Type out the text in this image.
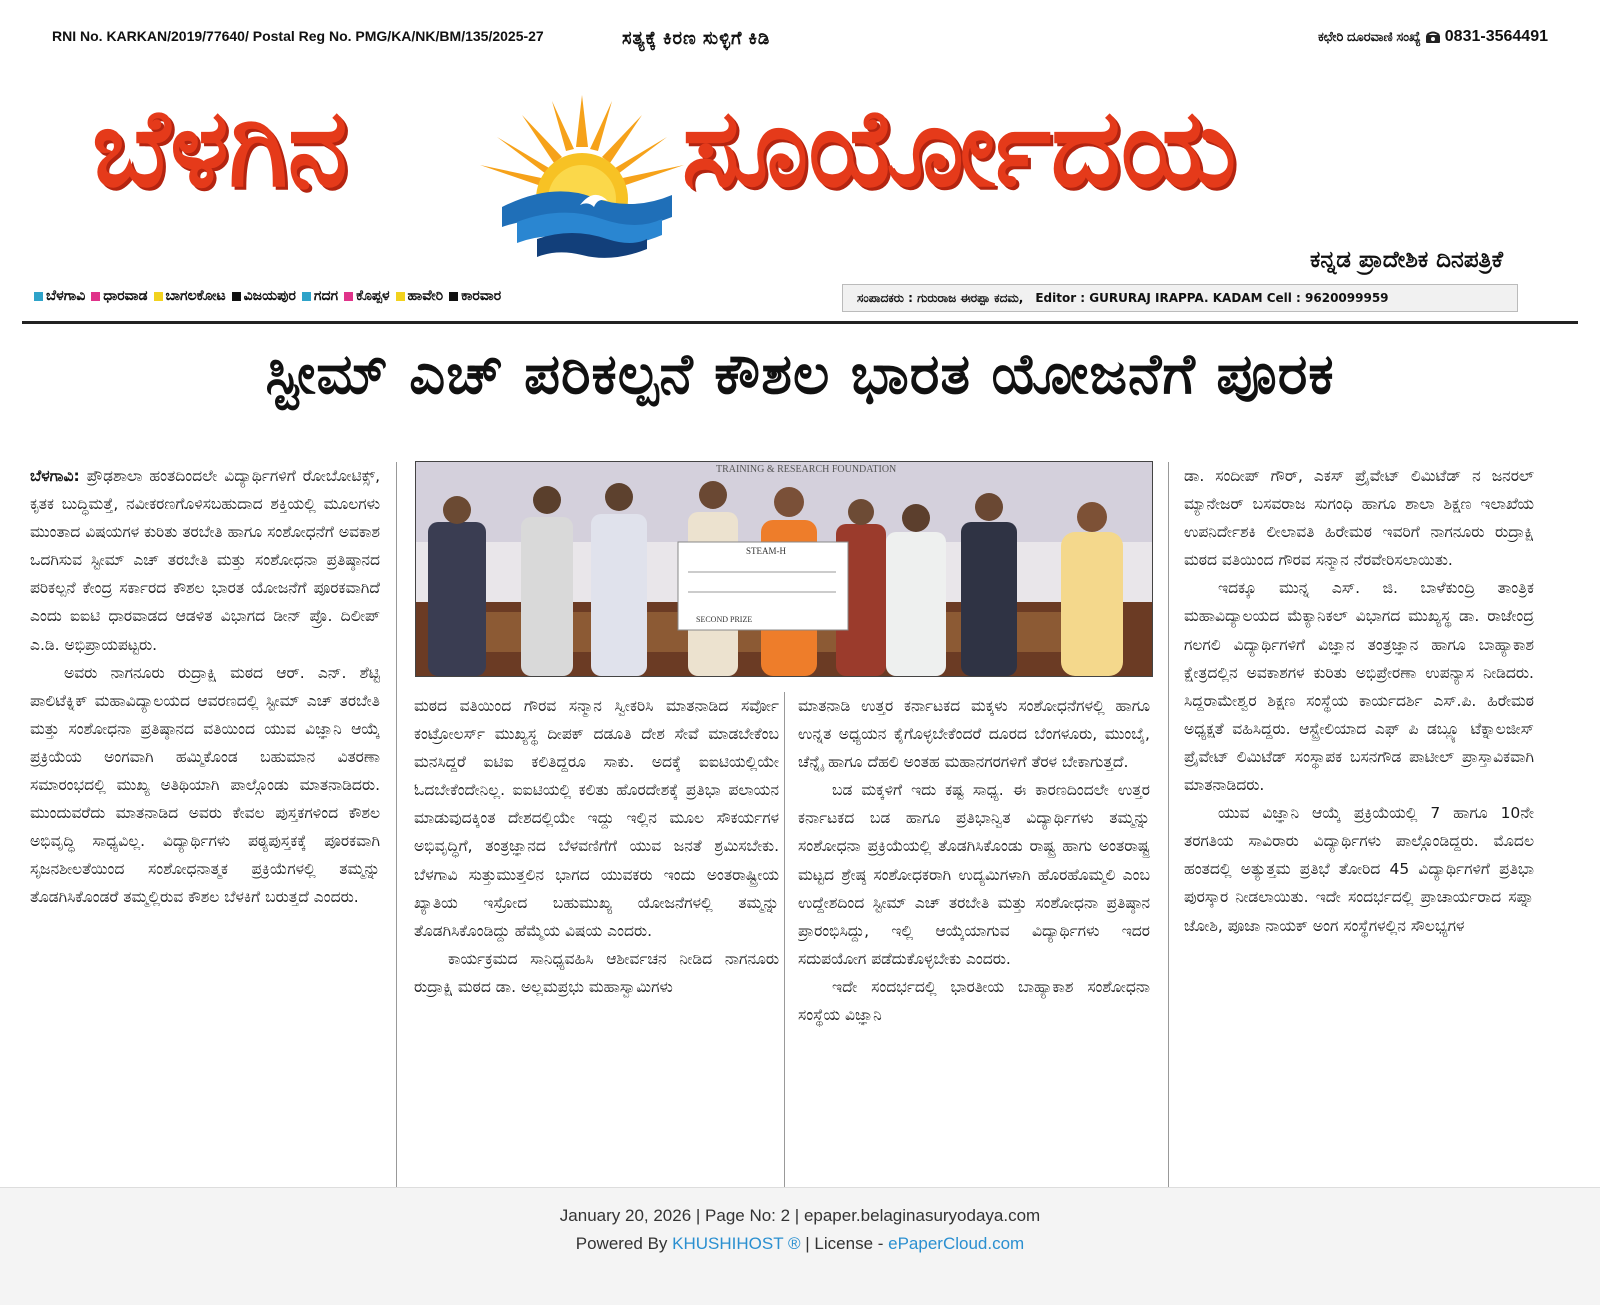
RNI No. KARKAN/2019/77640/ Postal Reg No. PMG/KA/NK/BM/135/2025-27	ಸತ್ಯಕ್ಕೆ ಕಿರಣ ಸುಳ್ಳಿಗೆ ಕಿಡಿ	ಕಛೇರಿ ದೂರವಾಣಿ ಸಂಖ್ಯೆ 0831-3564491
ಬೆಳಗಿನ	ಸೂರ್ಯೋದಯ
ಕನ್ನಡ ಪ್ರಾದೇಶಿಕ ದಿನಪತ್ರಿಕೆ
ಬೆಳಗಾವಿ ಧಾರವಾಡ ಬಾಗಲಕೋಟ ವಿಜಯಪುರ ಗದಗ ಕೊಪ್ಪಳ ಹಾವೇರಿ ಕಾರವಾರ	ಸಂಪಾದಕರು : ಗುರುರಾಜ ಈರಪ್ಪಾ ಕದಮ, Editor : GURURAJ IRAPPA. KADAM Cell : 9620099959
ಸ್ಟೀಮ್ ಎಚ್ ಪರಿಕಲ್ಪನೆ ಕೌಶಲ ಭಾರತ ಯೋಜನೆಗೆ ಪೂರಕ

ಬೆಳಗಾವಿ: ಪ್ರೌಢಶಾಲಾ ಹಂತದಿಂದಲೇ ವಿದ್ಯಾರ್ಥಿಗಳಿಗೆ ರೋಬೋಟಿಕ್ಸ್, ಕೃತಕ ಬುದ್ಧಿಮತ್ತೆ, ನವೀಕರಣಗೊಳಿಸಬಹುದಾದ ಶಕ್ತಿಯಲ್ಲಿ ಮೂಲಗಳು ಮುಂತಾದ ವಿಷಯಗಳ ಕುರಿತು ತರಬೇತಿ ಹಾಗೂ ಸಂಶೋಧನೆಗೆ ಅವಕಾಶ ಒದಗಿಸುವ ಸ್ಟೀಮ್ ಎಚ್ ತರಬೇತಿ ಮತ್ತು ಸಂಶೋಧನಾ ಪ್ರತಿಷ್ಠಾನದ ಪರಿಕಲ್ಪನೆ ಕೇಂದ್ರ ಸರ್ಕಾರದ ಕೌಶಲ ಭಾರತ ಯೋಜನೆಗೆ ಪೂರಕವಾಗಿದೆ ಎಂದು ಐಐಟಿ ಧಾರವಾಡದ ಆಡಳಿತ ವಿಭಾಗದ ಡೀನ್ ಪ್ರೊ. ದಿಲೀಪ್ ಎ.ಡಿ. ಅಭಿಪ್ರಾಯಪಟ್ಟರು.

ಅವರು ನಾಗನೂರು ರುದ್ರಾಕ್ಷಿ ಮಠದ ಆರ್. ಎನ್. ಶೆಟ್ಟಿ ಪಾಲಿಟೆಕ್ನಿಕ್ ಮಹಾವಿದ್ಯಾಲಯದ ಆವರಣದಲ್ಲಿ ಸ್ಟೀಮ್ ಎಚ್ ತರಬೇತಿ ಮತ್ತು ಸಂಶೋಧನಾ ಪ್ರತಿಷ್ಠಾನದ ವತಿಯಿಂದ ಯುವ ವಿಜ್ಞಾನಿ ಆಯ್ಕೆ ಪ್ರಕ್ರಿಯೆಯ ಅಂಗವಾಗಿ ಹಮ್ಮಿಕೊಂಡ ಬಹುಮಾನ ವಿತರಣಾ ಸಮಾರಂಭದಲ್ಲಿ ಮುಖ್ಯ ಅತಿಥಿಯಾಗಿ ಪಾಲ್ಗೊಂಡು ಮಾತನಾಡಿದರು. ಮುಂದುವರೆದು ಮಾತನಾಡಿದ ಅವರು ಕೇವಲ ಪುಸ್ತಕಗಳಿಂದ ಕೌಶಲ ಅಭಿವೃದ್ಧಿ ಸಾಧ್ಯವಿಲ್ಲ. ವಿದ್ಯಾರ್ಥಿಗಳು ಪಠ್ಯಪುಸ್ತಕಕ್ಕೆ ಪೂರಕವಾಗಿ ಸೃಜನಶೀಲತೆಯಿಂದ ಸಂಶೋಧನಾತ್ಮಕ ಪ್ರಕ್ರಿಯೆಗಳಲ್ಲಿ ತಮ್ಮನ್ನು ತೊಡಗಿಸಿಕೊಂಡರೆ ತಮ್ಮಲ್ಲಿರುವ ಕೌಶಲ ಬೆಳಕಿಗೆ ಬರುತ್ತದೆ ಎಂದರು.

TRAINING & RESEARCH FOUNDATION
STEAM-H
SECOND PRIZE

ಮಠದ ವತಿಯಿಂದ ಗೌರವ ಸನ್ಮಾನ ಸ್ವೀಕರಿಸಿ ಮಾತನಾಡಿದ ಸರ್ವೋ ಕಂಟ್ರೋಲರ್ಸ್ ಮುಖ್ಯಸ್ಥ ದೀಪಕ್ ದಡೂತಿ ದೇಶ ಸೇವೆ ಮಾಡಬೇಕೆಂಬ ಮನಸಿದ್ದರೆ ಐಟಿಐ ಕಲಿತಿದ್ದರೂ ಸಾಕು. ಅದಕ್ಕೆ ಐಐಟಿಯಲ್ಲಿಯೇ ಓದಬೇಕೆಂದೇನಿಲ್ಲ. ಐಐಟಿಯಲ್ಲಿ ಕಲಿತು ಹೊರದೇಶಕ್ಕೆ ಪ್ರತಿಭಾ ಪಲಾಯನ ಮಾಡುವುದಕ್ಕಿಂತ ದೇಶದಲ್ಲಿಯೇ ಇದ್ದು ಇಲ್ಲಿನ ಮೂಲ ಸೌಕರ್ಯಗಳ ಅಭಿವೃದ್ಧಿಗೆ, ತಂತ್ರಜ್ಞಾನದ ಬೆಳವಣಿಗೆಗೆ ಯುವ ಜನತೆ ಶ್ರಮಿಸಬೇಕು. ಬೆಳಗಾವಿ ಸುತ್ತುಮುತ್ತಲಿನ ಭಾಗದ ಯುವಕರು ಇಂದು ಅಂತರಾಷ್ಟ್ರೀಯ ಖ್ಯಾತಿಯ ಇಸ್ರೋದ ಬಹುಮುಖ್ಯ ಯೋಜನೆಗಳಲ್ಲಿ ತಮ್ಮನ್ನು ತೊಡಗಿಸಿಕೊಂಡಿದ್ದು ಹೆಮ್ಮೆಯ ವಿಷಯ ಎಂದರು.

ಕಾರ್ಯಕ್ರಮದ ಸಾನಿಧ್ಯವಹಿಸಿ ಆಶೀರ್ವಚನ ನೀಡಿದ ನಾಗನೂರು ರುದ್ರಾಕ್ಷಿ ಮಠದ ಡಾ. ಅಲ್ಲಮಪ್ರಭು ಮಹಾಸ್ವಾಮಿಗಳು

ಮಾತನಾಡಿ ಉತ್ತರ ಕರ್ನಾಟಕದ ಮಕ್ಕಳು ಸಂಶೋಧನೆಗಳಲ್ಲಿ ಹಾಗೂ ಉನ್ನತ ಅಧ್ಯಯನ ಕೈಗೊಳ್ಳಬೇಕೆಂದರೆ ದೂರದ ಬೆಂಗಳೂರು, ಮುಂಬೈ, ಚೆನ್ನೈ ಹಾಗೂ ದೆಹಲಿ ಅಂತಹ ಮಹಾನಗರಗಳಿಗೆ ತೆರಳ ಬೇಕಾಗುತ್ತದೆ.

ಬಡ ಮಕ್ಕಳಿಗೆ ಇದು ಕಷ್ಟ ಸಾಧ್ಯ. ಈ ಕಾರಣದಿಂದಲೇ ಉತ್ತರ ಕರ್ನಾಟಕದ ಬಡ ಹಾಗೂ ಪ್ರತಿಭಾನ್ವಿತ ವಿದ್ಯಾರ್ಥಿಗಳು ತಮ್ಮನ್ನು ಸಂಶೋಧನಾ ಪ್ರಕ್ರಿಯೆಯಲ್ಲಿ ತೊಡಗಿಸಿಕೊಂಡು ರಾಷ್ಟ್ರ ಹಾಗು ಅಂತರಾಷ್ಟ್ರ ಮಟ್ಟದ ಶ್ರೇಷ್ಠ ಸಂಶೋಧಕರಾಗಿ ಉದ್ಯಮಿಗಳಾಗಿ ಹೊರಹೊಮ್ಮಲಿ ಎಂಬ ಉದ್ದೇಶದಿಂದ ಸ್ಟೀಮ್ ಎಚ್ ತರಬೇತಿ ಮತ್ತು ಸಂಶೋಧನಾ ಪ್ರತಿಷ್ಠಾನ ಪ್ರಾರಂಭಿಸಿದ್ದು, ಇಲ್ಲಿ ಆಯ್ಕೆಯಾಗುವ ವಿದ್ಯಾರ್ಥಿಗಳು ಇದರ ಸದುಪಯೋಗ ಪಡೆದುಕೊಳ್ಳಬೇಕು ಎಂದರು.

ಇದೇ ಸಂದರ್ಭದಲ್ಲಿ ಭಾರತೀಯ ಬಾಹ್ಯಾಕಾಶ ಸಂಶೋಧನಾ ಸಂಸ್ಥೆಯ ವಿಜ್ಞಾನಿ

ಡಾ. ಸಂದೀಪ್ ಗೌರ್, ಎಕಸ್ ಪ್ರೈವೇಟ್ ಲಿಮಿಟೆಡ್ ನ ಜನರಲ್ ಮ್ಯಾನೇಜರ್ ಬಸವರಾಜ ಸುಗಂಧಿ ಹಾಗೂ ಶಾಲಾ ಶಿಕ್ಷಣ ಇಲಾಖೆಯ ಉಪನಿರ್ದೇಶಕಿ ಲೀಲಾವತಿ ಹಿರೇಮಠ ಇವರಿಗೆ ನಾಗನೂರು ರುದ್ರಾಕ್ಷಿ ಮಠದ ವತಿಯಿಂದ ಗೌರವ ಸನ್ಮಾನ ನೆರವೇರಿಸಲಾಯಿತು.

ಇದಕ್ಕೂ ಮುನ್ನ ಎಸ್. ಜಿ. ಬಾಳೆಕುಂದ್ರಿ ತಾಂತ್ರಿಕ ಮಹಾವಿದ್ಯಾಲಯದ ಮೆಕ್ಯಾನಿಕಲ್ ವಿಭಾಗದ ಮುಖ್ಯಸ್ಥ ಡಾ. ರಾಜೇಂದ್ರ ಗಲಗಲಿ ವಿದ್ಯಾರ್ಥಿಗಳಿಗೆ ವಿಜ್ಞಾನ ತಂತ್ರಜ್ಞಾನ ಹಾಗೂ ಬಾಹ್ಯಾಕಾಶ ಕ್ಷೇತ್ರದಲ್ಲಿನ ಅವಕಾಶಗಳ ಕುರಿತು ಅಭಿಪ್ರೇರಣಾ ಉಪನ್ಯಾಸ ನೀಡಿದರು. ಸಿದ್ದರಾಮೇಶ್ವರ ಶಿಕ್ಷಣ ಸಂಸ್ಥೆಯ ಕಾರ್ಯದರ್ಶಿ ಎಸ್.ಪಿ. ಹಿರೇಮಠ ಅಧ್ಯಕ್ಷತೆ ವಹಿಸಿದ್ದರು. ಆಸ್ಟ್ರೇಲಿಯಾದ ಎಫ್ ಪಿ ಡಬ್ಲ್ಯೂ ಟೆಕ್ನಾಲಜೀಸ್ ಪ್ರೈವೇಟ್ ಲಿಮಿಟೆಡ್ ಸಂಸ್ಥಾಪಕ ಬಸನಗೌಡ ಪಾಟೀಲ್ ಪ್ರಾಸ್ತಾವಿಕವಾಗಿ ಮಾತನಾಡಿದರು.

ಯುವ ವಿಜ್ಞಾನಿ ಆಯ್ಕೆ ಪ್ರಕ್ರಿಯೆಯಲ್ಲಿ 7 ಹಾಗೂ 10ನೇ ತರಗತಿಯ ಸಾವಿರಾರು ವಿದ್ಯಾರ್ಥಿಗಳು ಪಾಲ್ಗೊಂಡಿದ್ದರು. ಮೊದಲ ಹಂತದಲ್ಲಿ ಅತ್ಯುತ್ತಮ ಪ್ರತಿಭೆ ತೋರಿದ 45 ವಿದ್ಯಾರ್ಥಿಗಳಿಗೆ ಪ್ರತಿಭಾ ಪುರಸ್ಕಾರ ನೀಡಲಾಯಿತು. ಇದೇ ಸಂದರ್ಭದಲ್ಲಿ ಪ್ರಾಚಾರ್ಯರಾದ ಸಪ್ನಾ ಜೋಶಿ, ಪೂಜಾ ನಾಯಕ್ ಅಂಗ ಸಂಸ್ಥೆಗಳಲ್ಲಿನ ಸೌಲಭ್ಯಗಳ

January 20, 2026 | Page No: 2 | epaper.belaginasuryodaya.com
Powered By KHUSHIHOST ® | License - ePaperCloud.com
